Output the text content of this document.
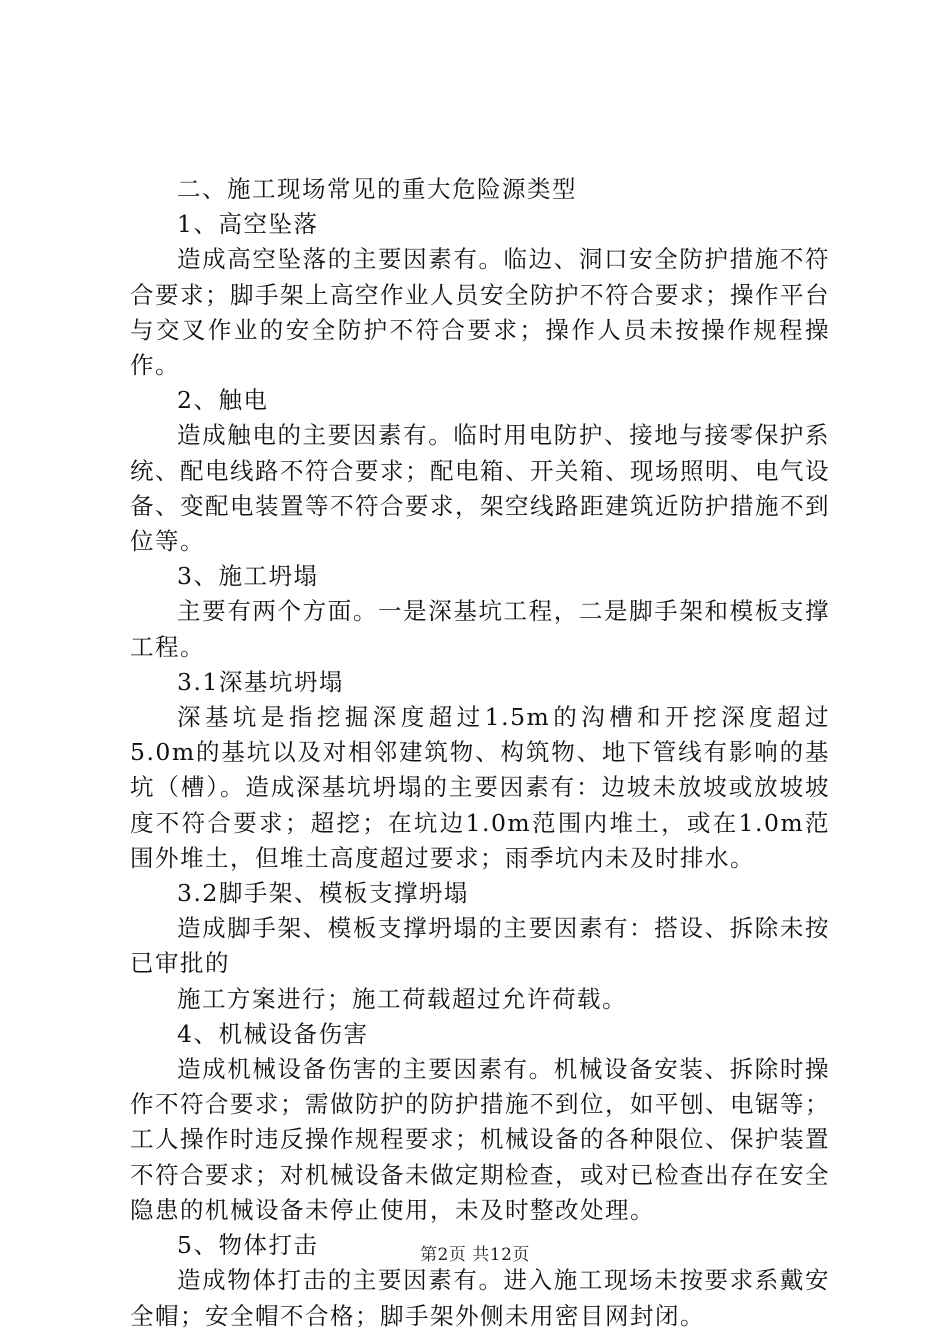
二、施工现场常见的重大危险源类型

1、高空坠落

造成高空坠落的主要因素有。临边、洞口安全防护措施不符合要求；脚手架上高空作业人员安全防护不符合要求；操作平台与交叉作业的安全防护不符合要求；操作人员未按操作规程操作。

2、触电

造成触电的主要因素有。临时用电防护、接地与接零保护系统、配电线路不符合要求；配电箱、开关箱、现场照明、电气设备、变配电装置等不符合要求，架空线路距建筑近防护措施不到位等。

3、施工坍塌

主要有两个方面。一是深基坑工程，二是脚手架和模板支撑工程。

3.1深基坑坍塌

深基坑是指挖掘深度超过1.5m的沟槽和开挖深度超过5.0m的基坑以及对相邻建筑物、构筑物、地下管线有影响的基坑（槽）。造成深基坑坍塌的主要因素有：边坡未放坡或放坡坡度不符合要求；超挖；在坑边1.0m范围内堆土，或在1.0m范围外堆土，但堆土高度超过要求；雨季坑内未及时排水。

3.2脚手架、模板支撑坍塌

造成脚手架、模板支撑坍塌的主要因素有：搭设、拆除未按已审批的

施工方案进行；施工荷载超过允许荷载。

4、机械设备伤害

造成机械设备伤害的主要因素有。机械设备安装、拆除时操作不符合要求；需做防护的防护措施不到位，如平刨、电锯等；工人操作时违反操作规程要求；机械设备的各种限位、保护装置不符合要求；对机械设备未做定期检查，或对已检查出存在安全隐患的机械设备未停止使用，未及时整改处理。

5、物体打击

造成物体打击的主要因素有。进入施工现场未按要求系戴安全帽；安全帽不合格；脚手架外侧未用密目网封闭。

第2页 共12页
